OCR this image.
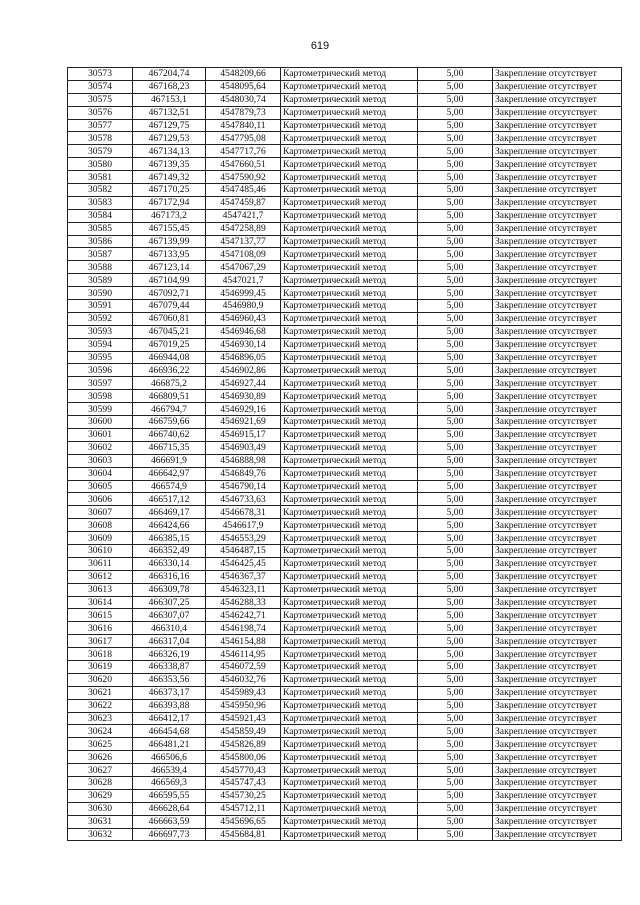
619
30573	467204,74	4548209,66	Картометрический метод	5,00	Закрепление отсутствует
30574	467168,23	4548095,64	Картометрический метод	5,00	Закрепление отсутствует
30575	467153,1	4548030,74	Картометрический метод	5,00	Закрепление отсутствует
30576	467132,51	4547879,73	Картометрический метод	5,00	Закрепление отсутствует
30577	467129,75	4547840,11	Картометрический метод	5,00	Закрепление отсутствует
30578	467129,53	4547795,08	Картометрический метод	5,00	Закрепление отсутствует
30579	467134,13	4547717,76	Картометрический метод	5,00	Закрепление отсутствует
30580	467139,35	4547660,51	Картометрический метод	5,00	Закрепление отсутствует
30581	467149,32	4547590,92	Картометрический метод	5,00	Закрепление отсутствует
30582	467170,25	4547485,46	Картометрический метод	5,00	Закрепление отсутствует
30583	467172,94	4547459,87	Картометрический метод	5,00	Закрепление отсутствует
30584	467173,2	4547421,7	Картометрический метод	5,00	Закрепление отсутствует
30585	467155,45	4547258,89	Картометрический метод	5,00	Закрепление отсутствует
30586	467139,99	4547137,77	Картометрический метод	5,00	Закрепление отсутствует
30587	467133,95	4547108,09	Картометрический метод	5,00	Закрепление отсутствует
30588	467123,14	4547067,29	Картометрический метод	5,00	Закрепление отсутствует
30589	467104,99	4547021,7	Картометрический метод	5,00	Закрепление отсутствует
30590	467092,71	4546999,45	Картометрический метод	5,00	Закрепление отсутствует
30591	467079,44	4546980,9	Картометрический метод	5,00	Закрепление отсутствует
30592	467060,81	4546960,43	Картометрический метод	5,00	Закрепление отсутствует
30593	467045,21	4546946,68	Картометрический метод	5,00	Закрепление отсутствует
30594	467019,25	4546930,14	Картометрический метод	5,00	Закрепление отсутствует
30595	466944,08	4546896,05	Картометрический метод	5,00	Закрепление отсутствует
30596	466936,22	4546902,86	Картометрический метод	5,00	Закрепление отсутствует
30597	466875,2	4546927,44	Картометрический метод	5,00	Закрепление отсутствует
30598	466809,51	4546930,89	Картометрический метод	5,00	Закрепление отсутствует
30599	466794,7	4546929,16	Картометрический метод	5,00	Закрепление отсутствует
30600	466759,66	4546921,69	Картометрический метод	5,00	Закрепление отсутствует
30601	466740,62	4546915,17	Картометрический метод	5,00	Закрепление отсутствует
30602	466715,35	4546903,49	Картометрический метод	5,00	Закрепление отсутствует
30603	466691,9	4546888,98	Картометрический метод	5,00	Закрепление отсутствует
30604	466642,97	4546849,76	Картометрический метод	5,00	Закрепление отсутствует
30605	466574,9	4546790,14	Картометрический метод	5,00	Закрепление отсутствует
30606	466517,12	4546733,63	Картометрический метод	5,00	Закрепление отсутствует
30607	466469,17	4546678,31	Картометрический метод	5,00	Закрепление отсутствует
30608	466424,66	4546617,9	Картометрический метод	5,00	Закрепление отсутствует
30609	466385,15	4546553,29	Картометрический метод	5,00	Закрепление отсутствует
30610	466352,49	4546487,15	Картометрический метод	5,00	Закрепление отсутствует
30611	466330,14	4546425,45	Картометрический метод	5,00	Закрепление отсутствует
30612	466316,16	4546367,37	Картометрический метод	5,00	Закрепление отсутствует
30613	466309,78	4546323,11	Картометрический метод	5,00	Закрепление отсутствует
30614	466307,25	4546288,33	Картометрический метод	5,00	Закрепление отсутствует
30615	466307,07	4546242,71	Картометрический метод	5,00	Закрепление отсутствует
30616	466310,4	4546198,74	Картометрический метод	5,00	Закрепление отсутствует
30617	466317,04	4546154,88	Картометрический метод	5,00	Закрепление отсутствует
30618	466326,19	4546114,95	Картометрический метод	5,00	Закрепление отсутствует
30619	466338,87	4546072,59	Картометрический метод	5,00	Закрепление отсутствует
30620	466353,56	4546032,76	Картометрический метод	5,00	Закрепление отсутствует
30621	466373,17	4545989,43	Картометрический метод	5,00	Закрепление отсутствует
30622	466393,88	4545950,96	Картометрический метод	5,00	Закрепление отсутствует
30623	466412,17	4545921,43	Картометрический метод	5,00	Закрепление отсутствует
30624	466454,68	4545859,49	Картометрический метод	5,00	Закрепление отсутствует
30625	466481,21	4545826,89	Картометрический метод	5,00	Закрепление отсутствует
30626	466506,6	4545800,06	Картометрический метод	5,00	Закрепление отсутствует
30627	466539,4	4545770,43	Картометрический метод	5,00	Закрепление отсутствует
30628	466569,3	4545747,43	Картометрический метод	5,00	Закрепление отсутствует
30629	466595,55	4545730,25	Картометрический метод	5,00	Закрепление отсутствует
30630	466628,64	4545712,11	Картометрический метод	5,00	Закрепление отсутствует
30631	466663,59	4545696,65	Картометрический метод	5,00	Закрепление отсутствует
30632	466697,73	4545684,81	Картометрический метод	5,00	Закрепление отсутствует
